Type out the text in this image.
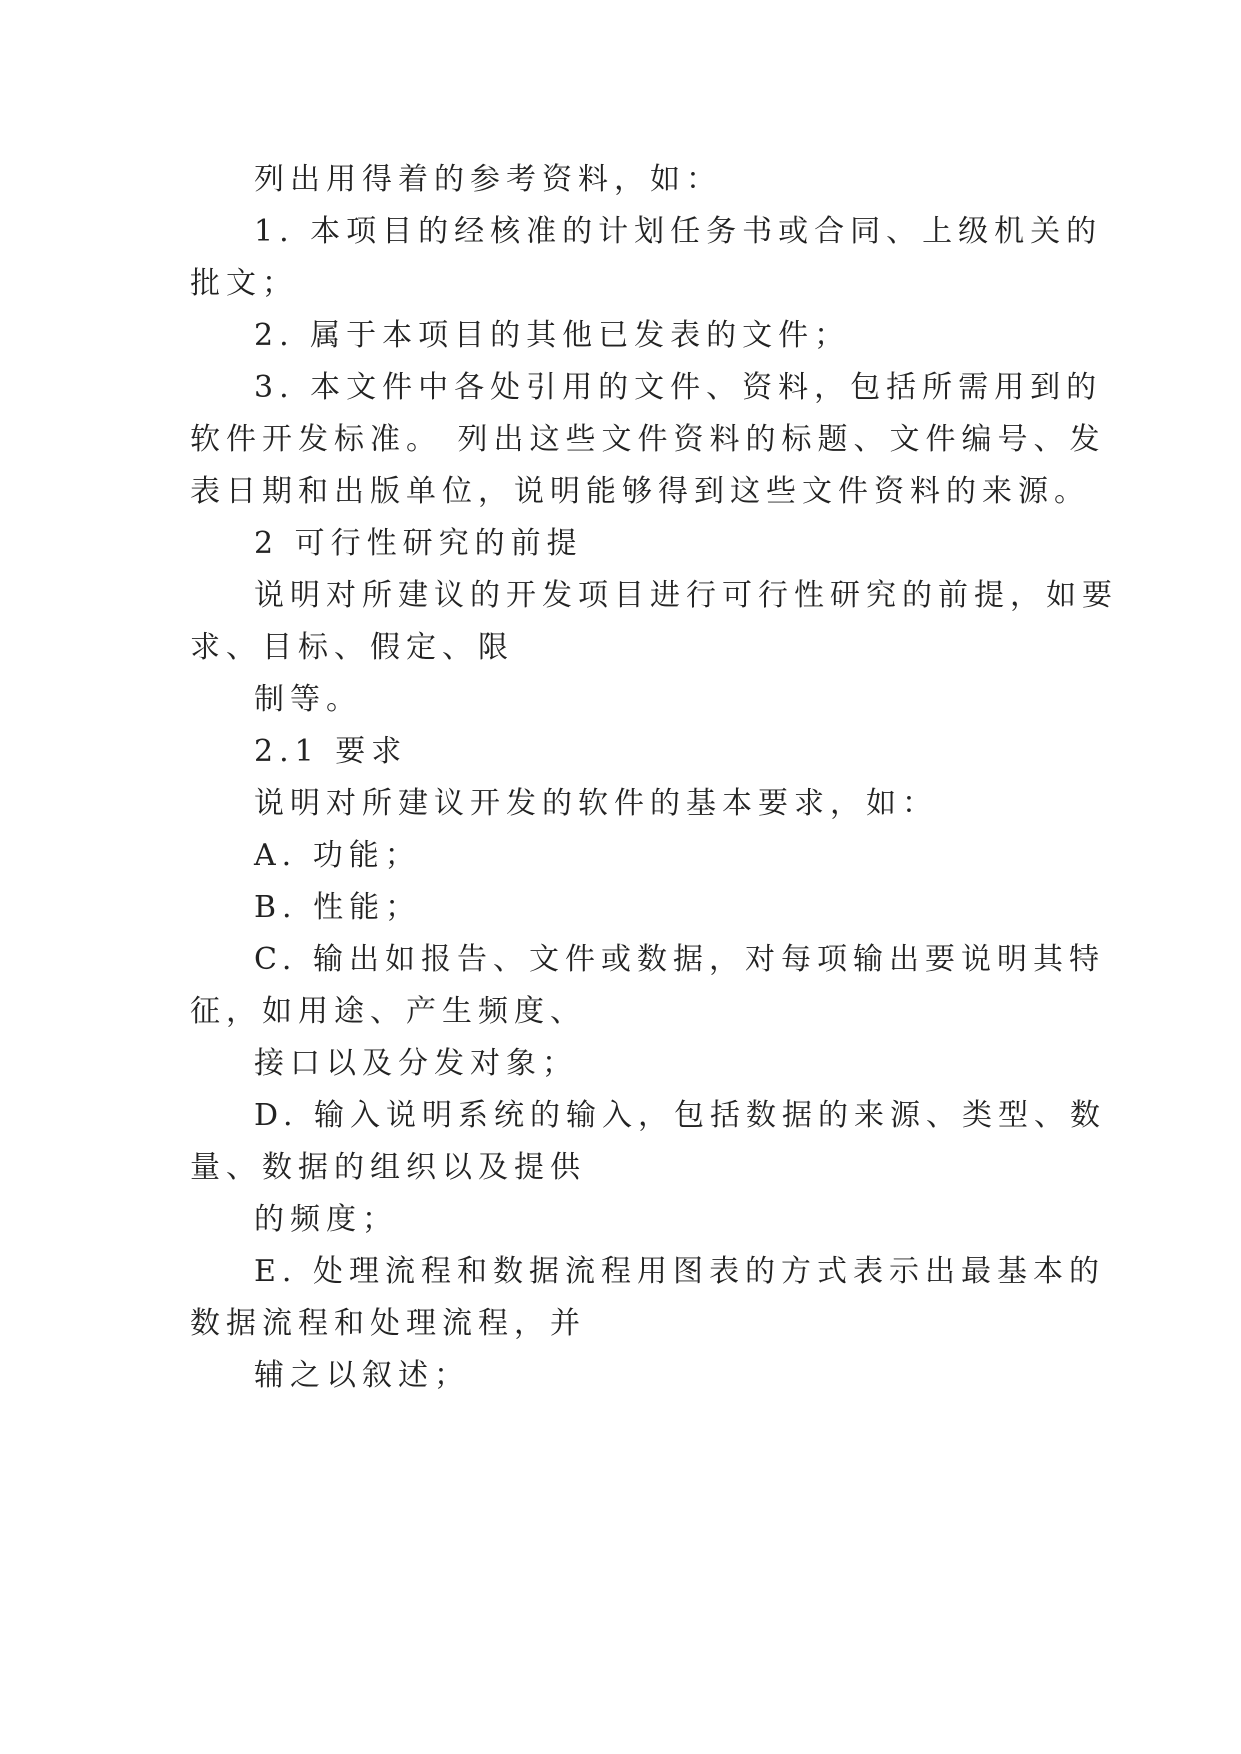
列出用得着的参考资料，如：
1. 本项目的经核准的计划任务书或合同、上级机关的
批文；
2. 属于本项目的其他已发表的文件；
3. 本文件中各处引用的文件、资料，包括所需用到的
软件开发标准。 列出这些文件资料的标题、文件编号、发
表日期和出版单位，说明能够得到这些文件资料的来源。
2 可行性研究的前提
说明对所建议的开发项目进行可行性研究的前提，如要
求、目标、假定、限
制等。
2.1 要求
说明对所建议开发的软件的基本要求，如：
A. 功能；
B. 性能；
C. 输出如报告、文件或数据，对每项输出要说明其特
征，如用途、产生频度、
接口以及分发对象；
D. 输入说明系统的输入，包括数据的来源、类型、数
量、数据的组织以及提供
的频度；
E. 处理流程和数据流程用图表的方式表示出最基本的
数据流程和处理流程，并
辅之以叙述；
